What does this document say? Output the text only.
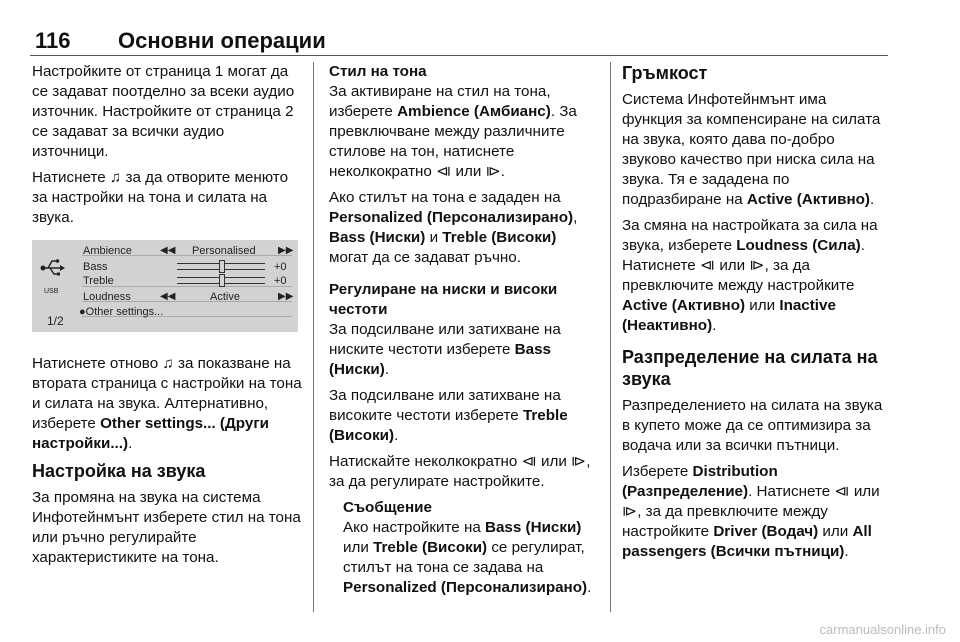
116 Основни операции

Настройките от страница 1 могат да се задават поотделно за всеки аудио източник. Настройките от страница 2 се задават за всички аудио източници.

Натиснете ♫ за да отворите менюто за настройки на тона и силата на звука.

USB
1/2
Ambience	◀◀ Personalised ▶▶
Bass	+0
Treble	+0
Loudness	◀◀	Active	▶▶
●Other settings...

Натиснете отново ♫ за показване на втората страница с настройки на тона и силата на звука. Алтернативно, изберете Other settings... (Други настройки...).

Настройка на звука

За промяна на звука на система Инфотейнмънт изберете стил на тона или ръчно регулирайте характеристиките на тона.

Стил на тона

За активиране на стил на тона, изберете Ambience (Амбианс). За превключване между различните стилове на тон, натиснете неколкократно ⧏ или ⧐.

Ако стилът на тона е зададен на Personalized (Персонализирано), Bass (Ниски) и Treble (Високи) могат да се задават ръчно.

Регулиране на ниски и високи честоти

За подсилване или затихване на ниските честоти изберете Bass (Ниски).

За подсилване или затихване на високите честоти изберете Treble (Високи).

Натискайте неколкократно ⧏ или ⧐, за да регулирате настройките.

Съобщение

Ако настройките на Bass (Ниски) или Treble (Високи) се регулират, стилът на тона се задава на Personalized (Персонализирано).

Гръмкост

Система Инфотейнмънт има функция за компенсиране на силата на звука, която дава по-добро звуково качество при ниска сила на звука. Тя е зададена по подразбиране на Active (Активно).

За смяна на настройката за сила на звука, изберете Loudness (Сила). Натиснете ⧏ или ⧐, за да превключите между настройките Active (Активно) или Inactive (Неактивно).

Разпределение на силата на звука

Разпределението на силата на звука в купето може да се оптимизира за водача или за всички пътници.

Изберете Distribution (Разпределение). Натиснете ⧏ или ⧐, за да превключите между настройките Driver (Водач) или All passengers (Всички пътници).

carmanualsonline.info
